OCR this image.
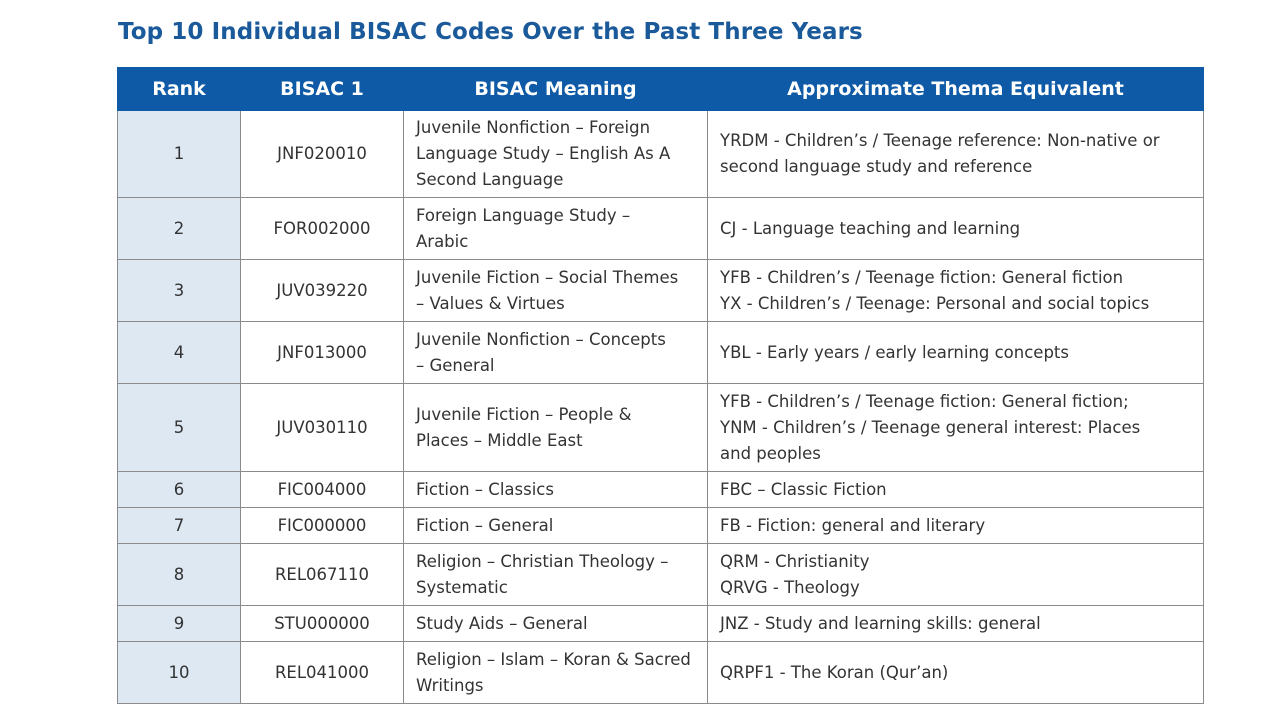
Top 10 Individual BISAC Codes Over the Past Three Years
Rank	BISAC 1	BISAC Meaning	Approximate Thema Equivalent
1	JNF020010	Juvenile Nonfiction – Foreign
Language Study – English As A
Second Language	YRDM - Children’s / Teenage reference: Non-native or
second language study and reference

2	FOR002000	Foreign Language Study –
Arabic	CJ - Language teaching and learning

3	JUV039220	Juvenile Fiction – Social Themes
– Values & Virtues	YFB - Children’s / Teenage fiction: General fiction
YX - Children’s / Teenage: Personal and social topics

4	JNF013000	Juvenile Nonfiction – Concepts
– General	YBL - Early years / early learning concepts

5	JUV030110	Juvenile Fiction – People &
Places – Middle East	YFB - Children’s / Teenage fiction: General fiction;
YNM - Children’s / Teenage general interest: Places
and peoples

6	FIC004000	Fiction – Classics	FBC – Classic Fiction

7	FIC000000	Fiction – General	FB - Fiction: general and literary

8	REL067110	Religion – Christian Theology –
Systematic	QRM - Christianity
QRVG - Theology

9	STU000000	Study Aids – General	JNZ - Study and learning skills: general

10	REL041000	Religion – Islam – Koran & Sacred
Writings	QRPF1 - The Koran (Qur’an)
